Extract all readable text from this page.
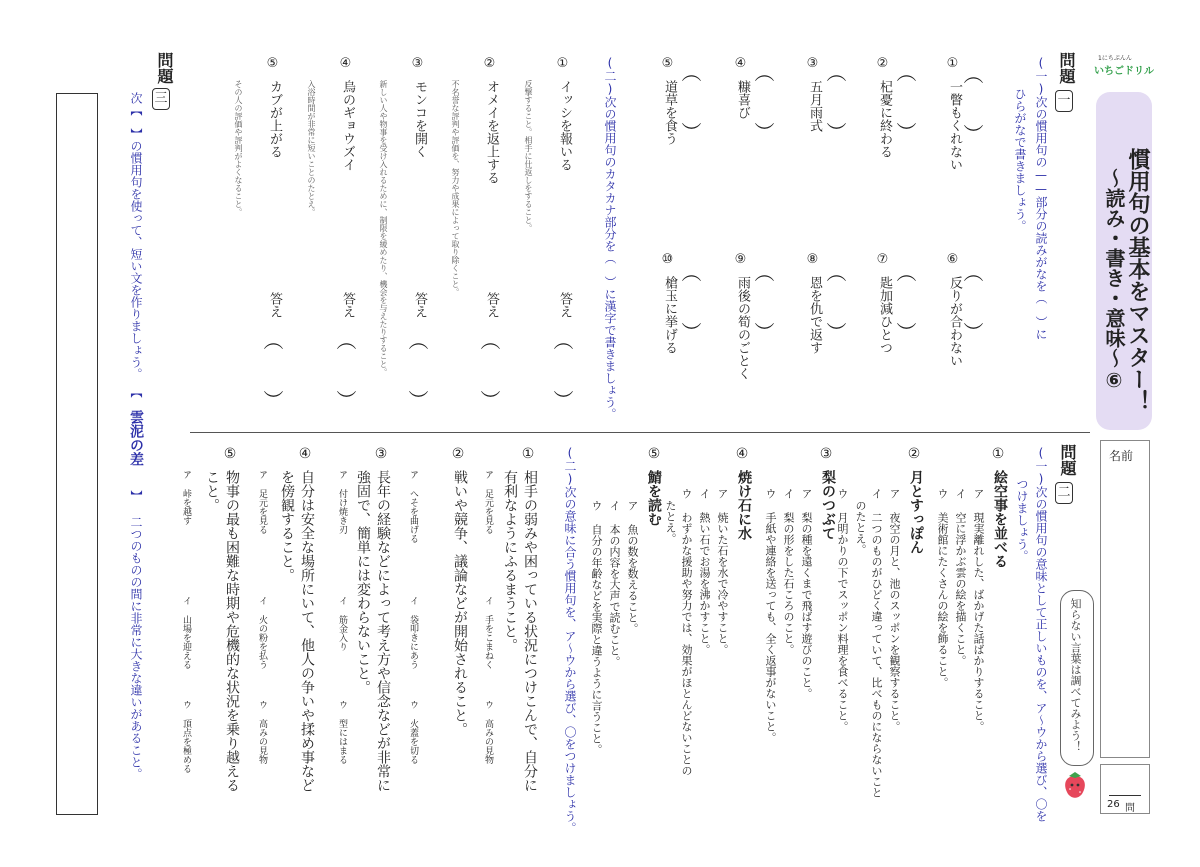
1にちぷんん
いちごドリル
慣用句の基本をマスター！
～読み・書き・意味～⑥
名前
26 問
知らない言葉は調べてみよう！
問題
一
(一)次の慣用句の——部分の読みがなを（　）に
ひらがなで書きましょう。
①
一瞥もくれない
（　　）
②
杞憂に終わる （　　）
③
五月雨式 （　　）
④
糠喜び （　　）
⑤
道草を食う （　　）
⑥
反りが合わない
（　　）
⑦
匙加減ひとつ （　　）
⑧
恩を仇で返す （　　）
⑨
雨後の筍のごとく （　　）
⑩
槍玉に挙げる （　　）
(二)次の慣用句のカタカナ部分を（　）に漢字で書きましょう。
①
イッシを報いる
反撃すること。相手に仕返しをすること。
答え
（　　）
②
オメイを返上する
不名誉な評判や評価を、努力や成果によって取り除くこと。
答え
（　　）
③
モンコを開く
新しい人や物事を受け入れるために、制限を緩めたり、機会を与えたりすること。 答え
（　　）
④
烏のギョウズイ
入浴時間が非常に短いことのたとえ。
答え
（　　）
⑤
カブが上がる
その人の評価や評判がよくなること。
答え
（　　）
問題
三
次【　】の慣用句を使って、短い文を作りましょう。
【
雲泥の差
】
二つのものの間に非常に大きな違いがあること。
問題
二
(一)次の慣用句の意味として正しいものを、ア～ウから選び、〇を
つけましょう。
①
絵空事を並べる
ア 現実離れした、ばかげた話ばかりすること。
イ 空に浮かぶ雲の絵を描くこと。
ウ 美術館にたくさんの絵を飾ること。
②
月とすっぽん
ア 夜空の月と、池のスッポンを観察すること。
イ 二つのものがひどく違っていて、比べものにならないこと
のたとえ。
ウ 月明かりの下でスッポン料理を食べること。
③
梨のつぶて
ア 梨の種を遠くまで飛ばす遊びのこと。
イ 梨の形をした石ころのこと。
ウ 手紙や連絡を送っても、全く返事がないこと。
④
焼け石に水
ア 焼いた石を水で冷やすこと。
イ 熱い石でお湯を沸かすこと。
ウ わずかな援助や努力では、効果がほとんどないことの
たとえ。
⑤
鯖を読む
ア 魚の数を数えること。
イ 本の内容を大声で読むこと。
ウ 自分の年齢などを実際と違うように言うこと。
(二)次の意味に合う慣用句を、ア～ウから選び、〇をつけましょう。
①
相手の弱みや困っている状況につけこんで、自分に
有利なようにふるまうこと。
ア 足元を見る
イ 手をこまねく
ウ 高みの見物
②
戦いや競争、議論などが開始されること。
ア へそを曲げる
イ 袋叩きにあう
ウ 火蓋を切る
③
長年の経験などによって考え方や信念などが非常に
強固で、簡単には変わらないこと。
ア 付け焼き刃
イ 筋金入り
ウ 型にはまる
④
自分は安全な場所にいて、他人の争いや揉め事など
を傍観すること。
ア 足元を見る
イ 火の粉を払う
ウ 高みの見物
⑤
物事の最も困難な時期や危機的な状況を乗り越える
こと。
ア 峠を越す
イ 山場を迎える
ウ 頂点を極める
